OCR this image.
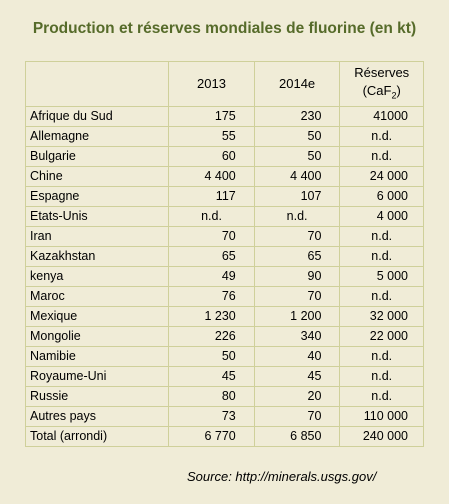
Production et réserves mondiales de fluorine (en kt)
	2013	2014e	Réserves
(CaF$_2$)
Afrique du Sud	175	230	41000
Allemagne	55	50	n.d.
Bulgarie	60	50	n.d.
Chine	4 400	4 400	24 000
Espagne	117	107	6 000
Etats-Unis	n.d.	n.d.	4 000
Iran	70	70	n.d.
Kazakhstan	65	65	n.d.
kenya	49	90	5 000
Maroc	76	70	n.d.
Mexique	1 230	1 200	32 000
Mongolie	226	340	22 000
Namibie	50	40	n.d.
Royaume-Uni	45	45	n.d.
Russie	80	20	n.d.
Autres pays	73	70	110 000
Total (arrondi)	6 770	6 850	240 000
Source: http://minerals.usgs.gov/
